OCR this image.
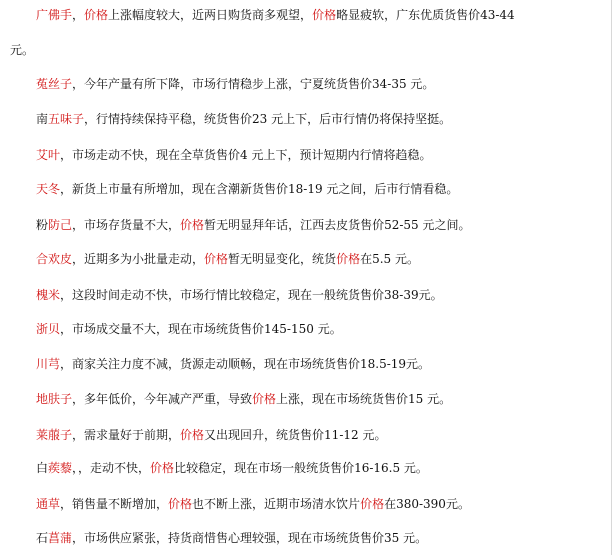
广佛手，价格上涨幅度较大，近两日购货商多观望，价格略显疲软，广东优质货售价43-44
元。
菟丝子，今年产量有所下降，市场行情稳步上涨，宁夏统货售价34-35 元。
南五味子，行情持续保持平稳，统货售价23 元上下，后市行情仍将保持坚挺。
艾叶，市场走动不快，现在全草货售价4 元上下，预计短期内行情将趋稳。
天冬，新货上市量有所增加，现在含潮新货售价18-19 元之间，后市行情看稳。
粉防己，市场存货量不大，价格暂无明显拜年话，江西去皮货售价52-55 元之间。
合欢皮，近期多为小批量走动，价格暂无明显变化，统货价格在5.5 元。
槐米，这段时间走动不快，市场行情比较稳定，现在一般统货售价38-39元。
浙贝，市场成交量不大，现在市场统货售价145-150 元。
川芎，商家关注力度不减，货源走动顺畅，现在市场统货售价18.5-19元。
地肤子，多年低价，今年减产严重，导致价格上涨，现在市场统货售价15 元。
莱菔子，需求量好于前期，价格又出现回升，统货售价11-12 元。
白蒺藜，，走动不快，价格比较稳定，现在市场一般统货售价16-16.5 元。
通草，销售量不断增加，价格也不断上涨，近期市场清水饮片价格在380-390元。
石菖蒲，市场供应紧张，持货商惜售心理较强，现在市场统货售价35 元。
